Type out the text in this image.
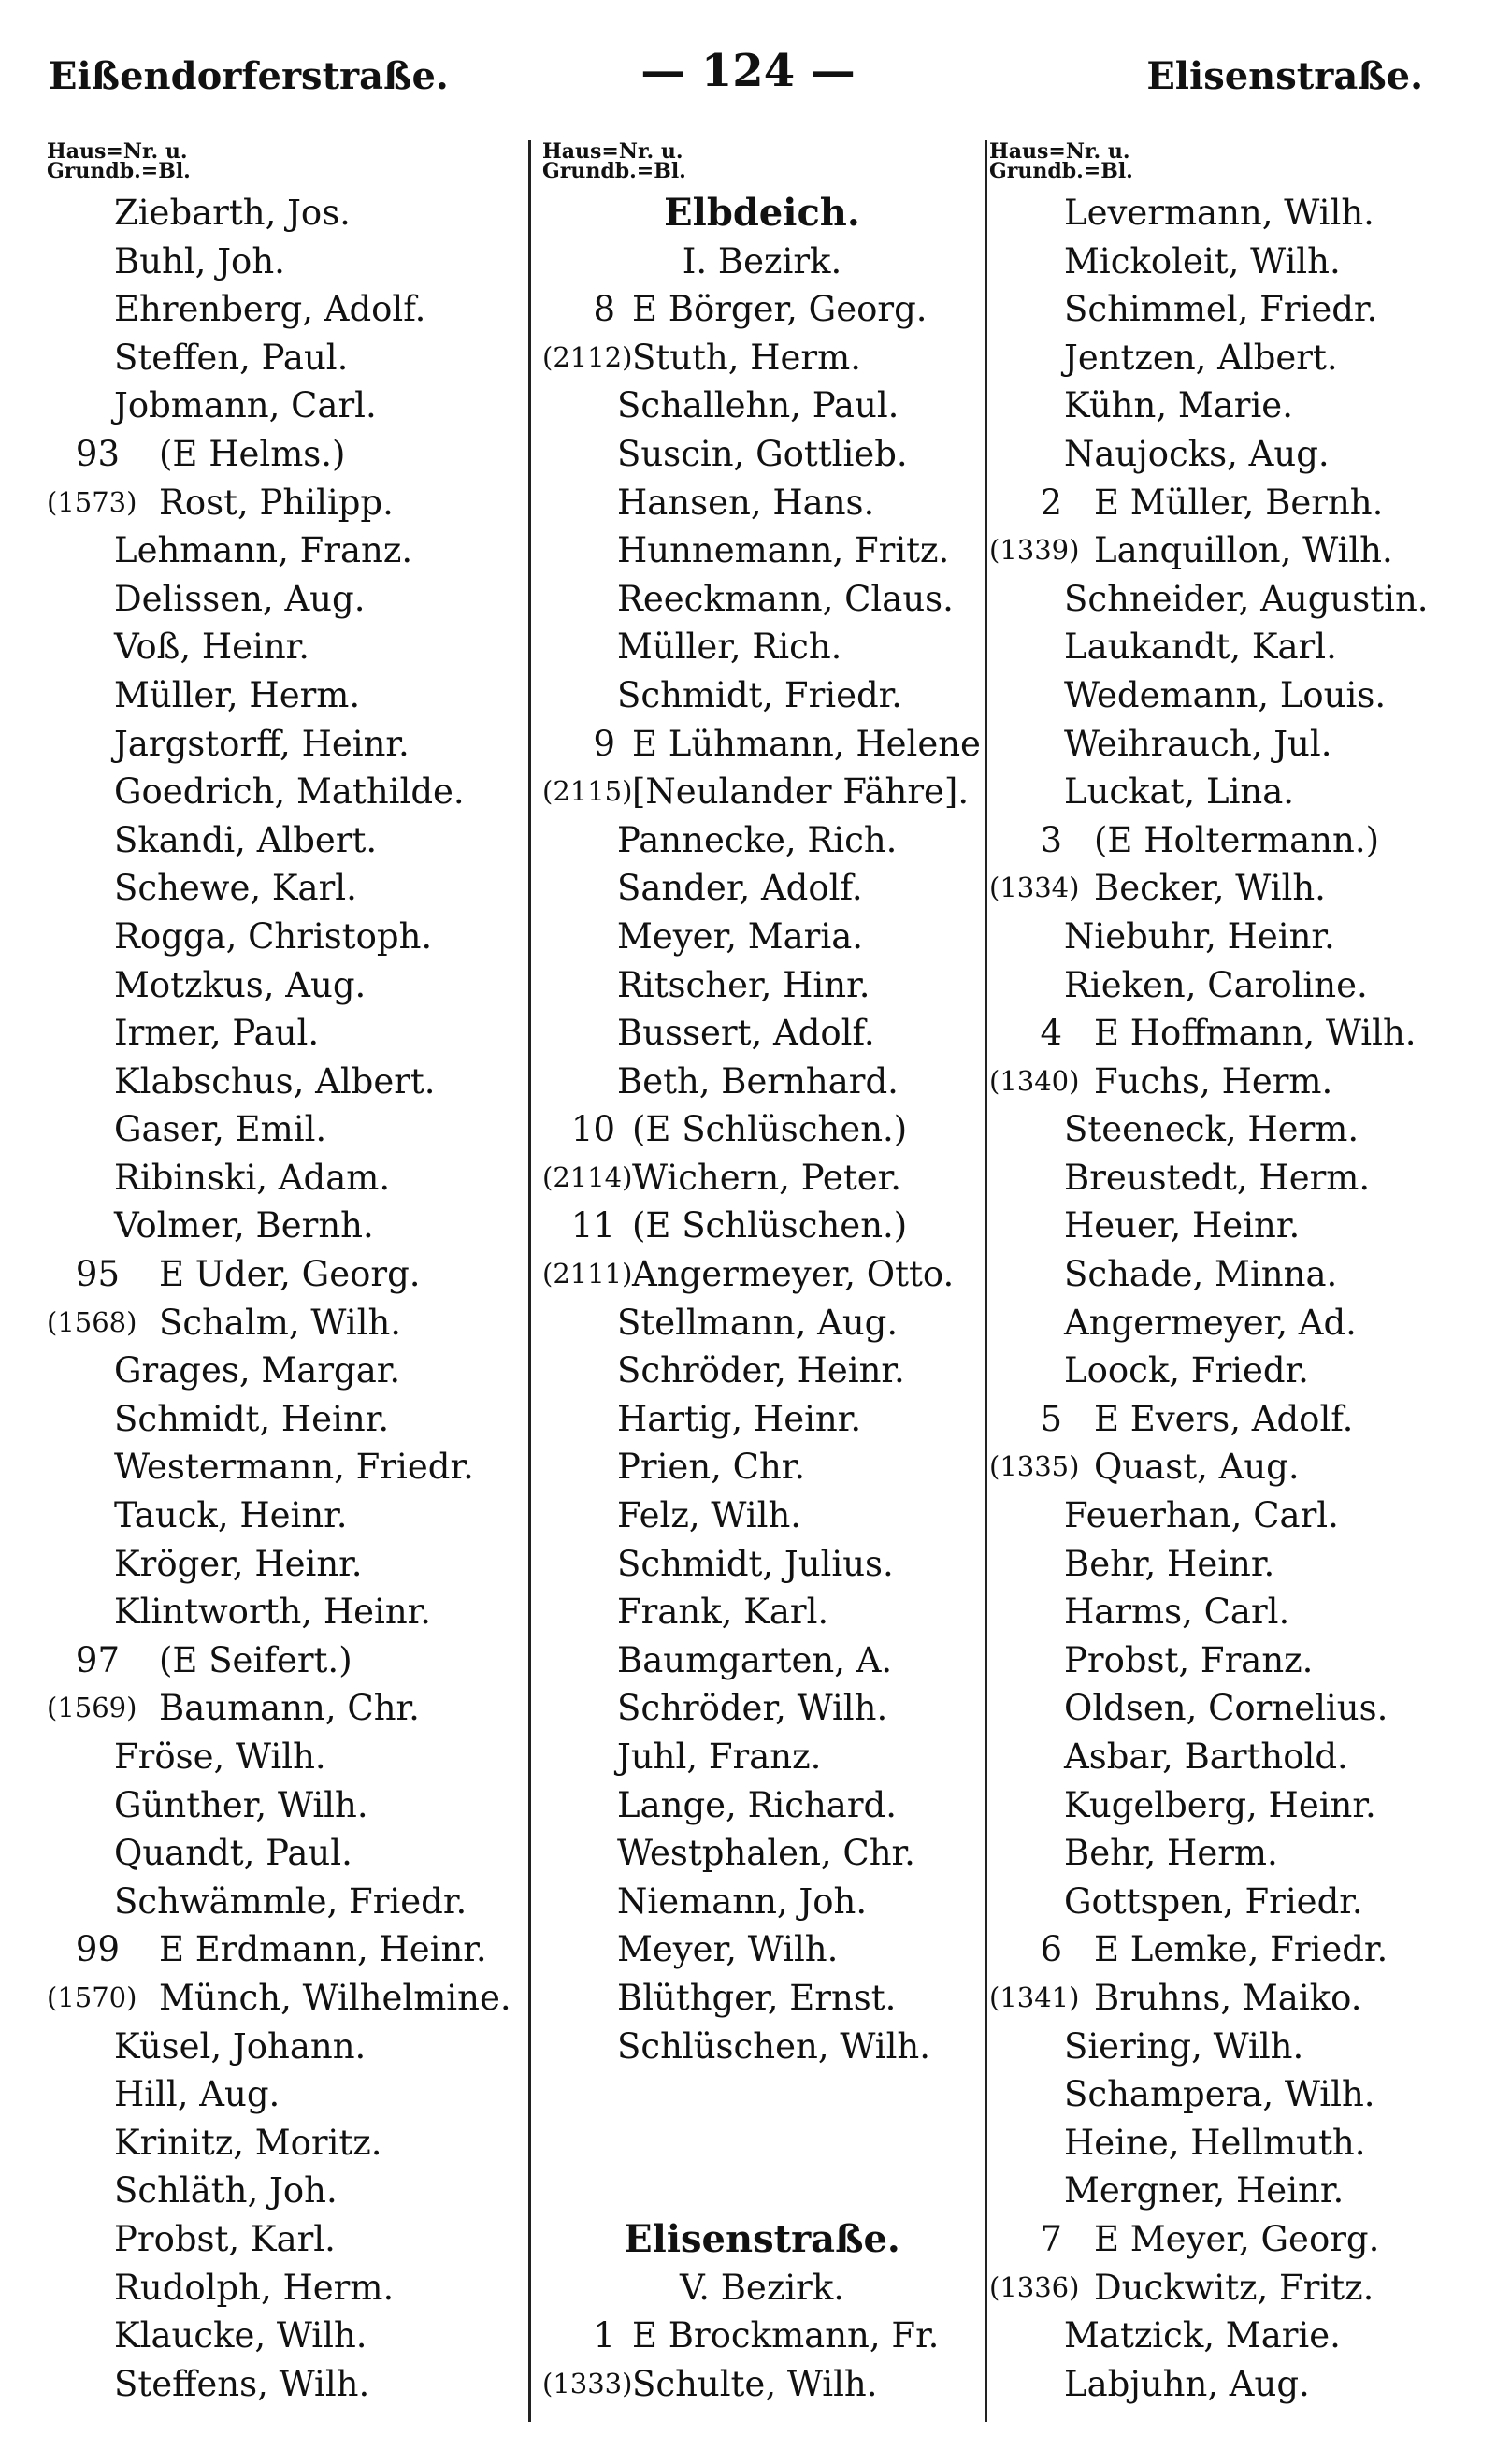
Eißendorferstraße.	— 124 —	Elisenstraße.
Haus=Nr. u.
Grundb.=Bl.
Ziebarth, Jos.
Buhl, Joh.
Ehrenberg, Adolf.
Steffen, Paul.
Jobmann, Carl.
93 (E Helms.)
(1573) Rost, Philipp.
Lehmann, Franz.
Delissen, Aug.
Voß, Heinr.
Müller, Herm.
Jargstorff, Heinr.
Goedrich, Mathilde.
Skandi, Albert.
Schewe, Karl.
Rogga, Christoph.
Motzkus, Aug.
Irmer, Paul.
Klabschus, Albert.
Gaser, Emil.
Ribinski, Adam.
Volmer, Bernh.
95 E Uder, Georg.
(1568) Schalm, Wilh.
Grages, Margar.
Schmidt, Heinr.
Westermann, Friedr.
Tauck, Heinr.
Kröger, Heinr.
Klintworth, Heinr.
97 (E Seifert.)
(1569) Baumann, Chr.
Fröse, Wilh.
Günther, Wilh.
Quandt, Paul.
Schwämmle, Friedr.
99 E Erdmann, Heinr.
(1570) Münch, Wilhelmine.
Küsel, Johann.
Hill, Aug.
Krinitz, Moritz.
Schläth, Joh.
Probst, Karl.
Rudolph, Herm.
Klaucke, Wilh.
Steffens, Wilh.
Haus=Nr. u.
Grundb.=Bl.
Elbdeich.
I. Bezirk.
8 E Börger, Georg.
(2112) Stuth, Herm.
Schallehn, Paul.
Suscin, Gottlieb.
Hansen, Hans.
Hunnemann, Fritz.
Reeckmann, Claus.
Müller, Rich.
Schmidt, Friedr.
9 E Lühmann, Helene
(2115) [Neulander Fähre].
Pannecke, Rich.
Sander, Adolf.
Meyer, Maria.
Ritscher, Hinr.
Bussert, Adolf.
Beth, Bernhard.
10 (E Schlüschen.)
(2114) Wichern, Peter.
11 (E Schlüschen.)
(2111) Angermeyer, Otto.
Stellmann, Aug.
Schröder, Heinr.
Hartig, Heinr.
Prien, Chr.
Felz, Wilh.
Schmidt, Julius.
Frank, Karl.
Baumgarten, A.
Schröder, Wilh.
Juhl, Franz.
Lange, Richard.
Westphalen, Chr.
Niemann, Joh.
Meyer, Wilh.
Blüthger, Ernst.
Schlüschen, Wilh.
Elisenstraße.
V. Bezirk.
1 E Brockmann, Fr.
(1333) Schulte, Wilh.
Haus=Nr. u.
Grundb.=Bl.
Levermann, Wilh.
Mickoleit, Wilh.
Schimmel, Friedr.
Jentzen, Albert.
Kühn, Marie.
Naujocks, Aug.
2 E Müller, Bernh.
(1339) Lanquillon, Wilh.
Schneider, Augustin.
Laukandt, Karl.
Wedemann, Louis.
Weihrauch, Jul.
Luckat, Lina.
3 (E Holtermann.)
(1334) Becker, Wilh.
Niebuhr, Heinr.
Rieken, Caroline.
4 E Hoffmann, Wilh.
(1340) Fuchs, Herm.
Steeneck, Herm.
Breustedt, Herm.
Heuer, Heinr.
Schade, Minna.
Angermeyer, Ad.
Loock, Friedr.
5 E Evers, Adolf.
(1335) Quast, Aug.
Feuerhan, Carl.
Behr, Heinr.
Harms, Carl.
Probst, Franz.
Oldsen, Cornelius.
Asbar, Barthold.
Kugelberg, Heinr.
Behr, Herm.
Gottspen, Friedr.
6 E Lemke, Friedr.
(1341) Bruhns, Maiko.
Siering, Wilh.
Schampera, Wilh.
Heine, Hellmuth.
Mergner, Heinr.
7 E Meyer, Georg.
(1336) Duckwitz, Fritz.
Matzick, Marie.
Labjuhn, Aug.
